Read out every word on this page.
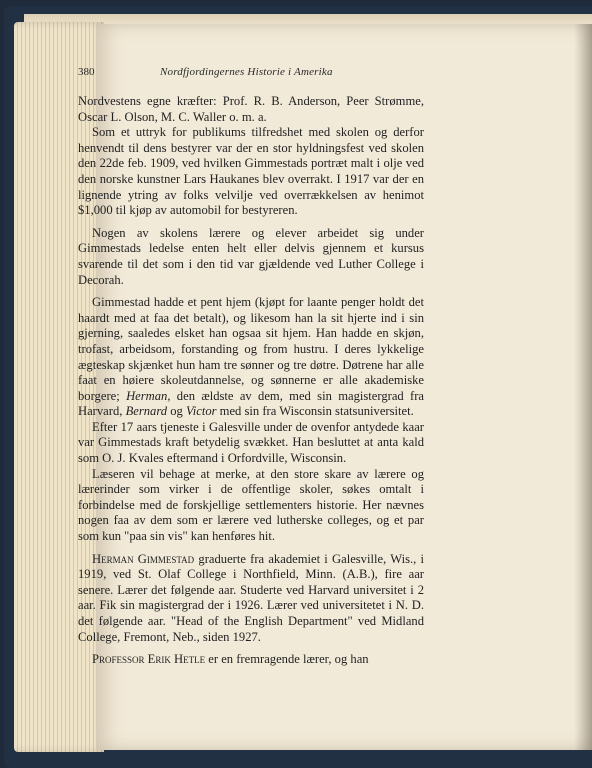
380	Nordfjordingernes Historie i Amerika

Nordvestens egne kræfter: Prof. R. B. Anderson, Peer Strømme, Oscar L. Olson, M. C. Waller o. m. a.

Som et uttryk for publikums tilfredshet med skolen og derfor henvendt til dens bestyrer var der en stor hyldningsfest ved skolen den 22de feb. 1909, ved hvilken Gimmestads portræt malt i olje ved den norske kunstner Lars Haukanes blev overrakt. I 1917 var der en lignende ytring av folks velvilje ved overrækkelsen av henimot $1,000 til kjøp av automobil for bestyreren.

Nogen av skolens lærere og elever arbeidet sig under Gimmestads ledelse enten helt eller delvis gjennem et kursus svarende til det som i den tid var gjældende ved Luther College i Decorah.

Gimmestad hadde et pent hjem (kjøpt for laante penger holdt det haardt med at faa det betalt), og likesom han la sit hjerte ind i sin gjerning, saaledes elsket han ogsaa sit hjem. Han hadde en skjøn, trofast, arbeidsom, forstanding og from hustru. I deres lykkelige ægteskap skjænket hun ham tre sønner og tre døtre. Døtrene har alle faat en høiere skoleutdannelse, og sønnerne er alle akademiske borgere; Herman, den ældste av dem, med sin magistergrad fra Harvard, Bernard og Victor med sin fra Wisconsin statsuniversitet.

Efter 17 aars tjeneste i Galesville under de ovenfor antydede kaar var Gimmestads kraft betydelig svækket. Han besluttet at anta kald som O. J. Kvales eftermand i Orfordville, Wisconsin.

Læseren vil behage at merke, at den store skare av lærere og lærerinder som virker i de offentlige skoler, søkes omtalt i forbindelse med de forskjellige settlementers historie. Her nævnes nogen faa av dem som er lærere ved lutherske colleges, og et par som kun "paa sin vis" kan henføres hit.

Herman Gimmestad graduerte fra akademiet i Galesville, Wis., i 1919, ved St. Olaf College i Northfield, Minn. (A.B.), fire aar senere. Lærer det følgende aar. Studerte ved Harvard universitet i 2 aar. Fik sin magistergrad der i 1926. Lærer ved universitetet i N. D. det følgende aar. "Head of the English Department" ved Midland College, Fremont, Neb., siden 1927.

Professor Erik Hetle er en fremragende lærer, og han
